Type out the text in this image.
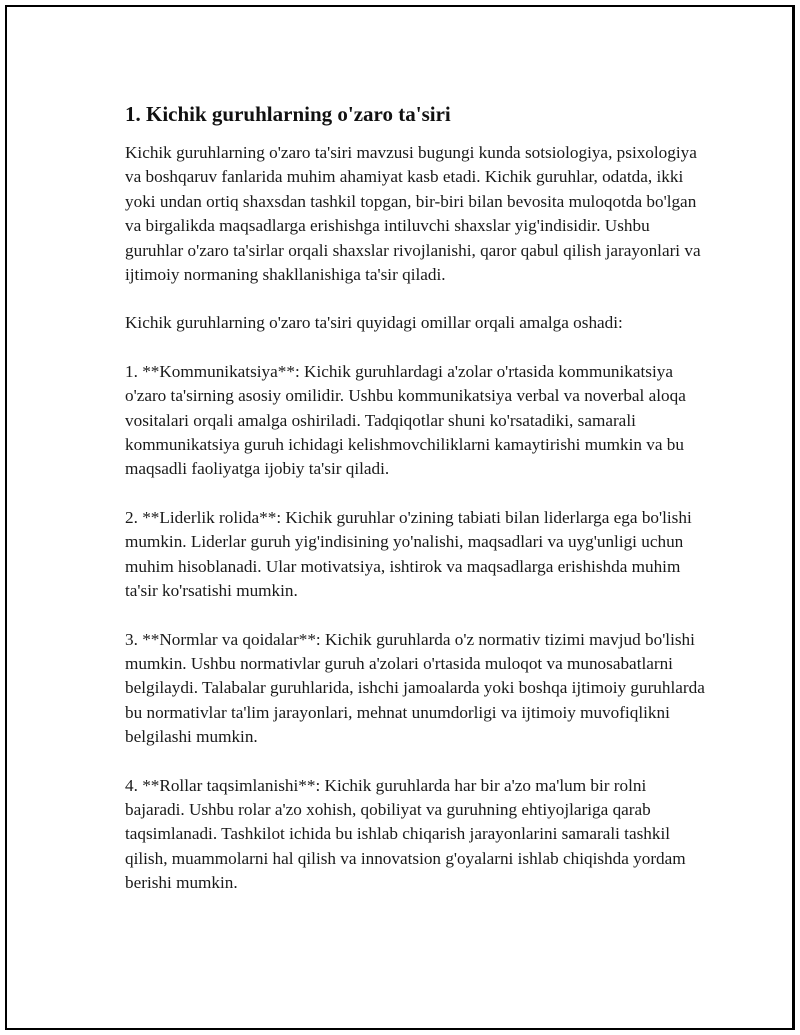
1. Kichik guruhlarning o'zaro ta'siri

Kichik guruhlarning o'zaro ta'siri mavzusi bugungi kunda sotsiologiya, psixologiya va boshqaruv fanlarida muhim ahamiyat kasb etadi. Kichik guruhlar, odatda, ikki yoki undan ortiq shaxsdan tashkil topgan, bir-biri bilan bevosita muloqotda bo'lgan va birgalikda maqsadlarga erishishga intiluvchi shaxslar yig'indisidir. Ushbu guruhlar o'zaro ta'sirlar orqali shaxslar rivojlanishi, qaror qabul qilish jarayonlari va ijtimoiy normaning shakllanishiga ta'sir qiladi.

Kichik guruhlarning o'zaro ta'siri quyidagi omillar orqali amalga oshadi:

1. **Kommunikatsiya**: Kichik guruhlardagi a'zolar o'rtasida kommunikatsiya o'zaro ta'sirning asosiy omilidir. Ushbu kommunikatsiya verbal va noverbal aloqa vositalari orqali amalga oshiriladi. Tadqiqotlar shuni ko'rsatadiki, samarali kommunikatsiya guruh ichidagi kelishmovchiliklarni kamaytirishi mumkin va bu maqsadli faoliyatga ijobiy ta'sir qiladi.

2. **Liderlik rolida**: Kichik guruhlar o'zining tabiati bilan liderlarga ega bo'lishi mumkin. Liderlar guruh yig'indisining yo'nalishi, maqsadlari va uyg'unligi uchun muhim hisoblanadi. Ular motivatsiya, ishtirok va maqsadlarga erishishda muhim ta'sir ko'rsatishi mumkin.

3. **Normlar va qoidalar**: Kichik guruhlarda o'z normativ tizimi mavjud bo'lishi mumkin. Ushbu normativlar guruh a'zolari o'rtasida muloqot va munosabatlarni belgilaydi. Talabalar guruhlarida, ishchi jamoalarda yoki boshqa ijtimoiy guruhlarda bu normativlar ta'lim jarayonlari, mehnat unumdorligi va ijtimoiy muvofiqlikni belgilashi mumkin.

4. **Rollar taqsimlanishi**: Kichik guruhlarda har bir a'zo ma'lum bir rolni bajaradi. Ushbu rolar a'zo xohish, qobiliyat va guruhning ehtiyojlariga qarab taqsimlanadi. Tashkilot ichida bu ishlab chiqarish jarayonlarini samarali tashkil qilish, muammolarni hal qilish va innovatsion g'oyalarni ishlab chiqishda yordam berishi mumkin.
